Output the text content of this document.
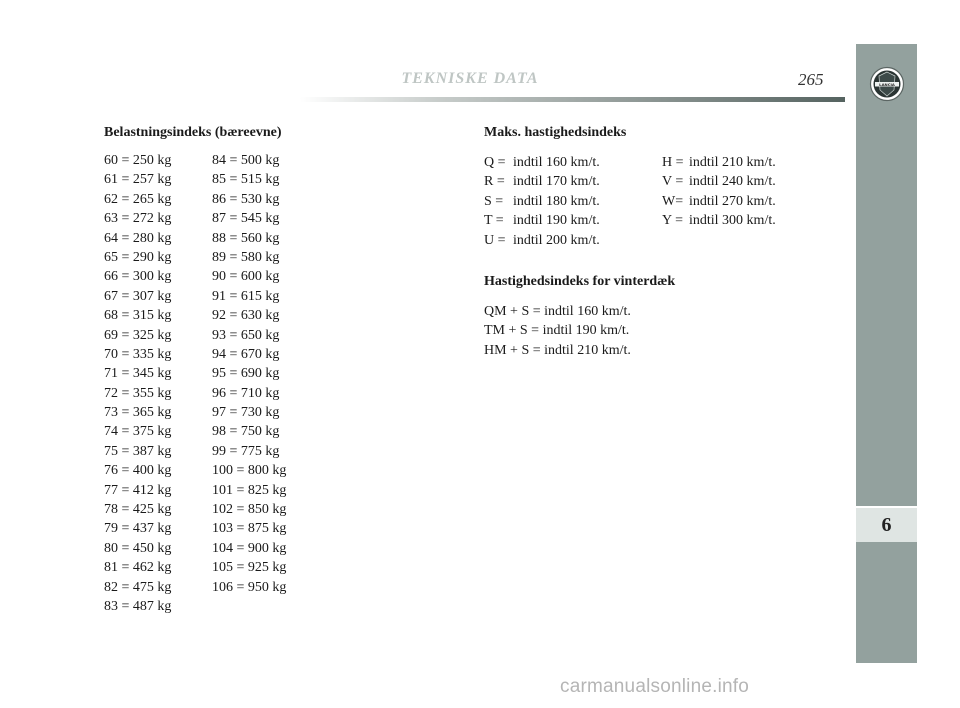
TEKNISKE DATA	265	LANCIA
6
Belastningsindeks (bæreevne)
60 = 250 kg
61 = 257 kg
62 = 265 kg
63 = 272 kg
64 = 280 kg
65 = 290 kg
66 = 300 kg
67 = 307 kg
68 = 315 kg
69 = 325 kg
70 = 335 kg
71 = 345 kg
72 = 355 kg
73 = 365 kg
74 = 375 kg
75 = 387 kg
76 = 400 kg
77 = 412 kg
78 = 425 kg
79 = 437 kg
80 = 450 kg
81 = 462 kg
82 = 475 kg
83 = 487 kg
84 = 500 kg
85 = 515 kg
86 = 530 kg
87 = 545 kg
88 = 560 kg
89 = 580 kg
90 = 600 kg
91 = 615 kg
92 = 630 kg
93 = 650 kg
94 = 670 kg
95 = 690 kg
96 = 710 kg
97 = 730 kg
98 = 750 kg
99 = 775 kg
100 = 800 kg
101 = 825 kg
102 = 850 kg
103 = 875 kg
104 = 900 kg
105 = 925 kg
106 = 950 kg
Maks. hastighedsindeks
Q = indtil 160 km/t.
R = indtil 170 km/t.
S = indtil 180 km/t.
T = indtil 190 km/t.
U = indtil 200 km/t.
H = indtil 210 km/t.
V = indtil 240 km/t.
W= indtil 270 km/t.
Y = indtil 300 km/t.
Hastighedsindeks for vinterdæk
QM + S = indtil 160 km/t.
TM + S = indtil 190 km/t.
HM + S = indtil 210 km/t.
carmanualsonline.info
